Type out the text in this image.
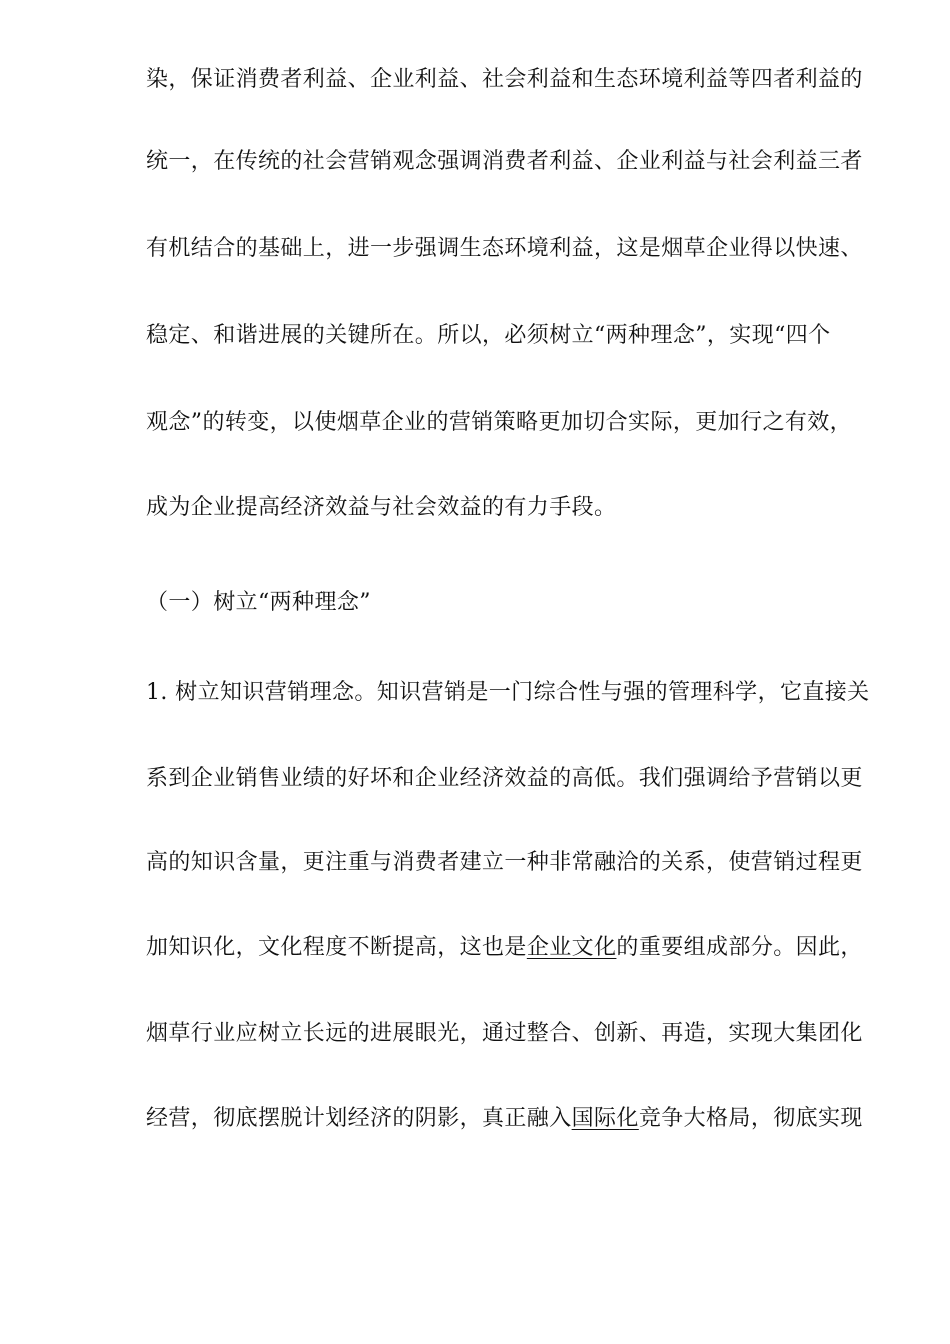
染，保证消费者利益、企业利益、社会利益和生态环境利益等四者利益的
统一，在传统的社会营销观念强调消费者利益、企业利益与社会利益三者
有机结合的基础上，进一步强调生态环境利益，这是烟草企业得以快速、
稳定、和谐进展的关键所在。所以，必须树立“两种理念”，实现“四个
观念”的转变，以使烟草企业的营销策略更加切合实际，更加行之有效，
成为企业提高经济效益与社会效益的有力手段。
（一）树立“两种理念”
1. 树立知识营销理念。知识营销是一门综合性与强的管理科学，它直接关
系到企业销售业绩的好坏和企业经济效益的高低。我们强调给予营销以更
高的知识含量，更注重与消费者建立一种非常融洽的关系，使营销过程更
加知识化，文化程度不断提高，这也是企业文化的重要组成部分。因此，
烟草行业应树立长远的进展眼光，通过整合、创新、再造，实现大集团化
经营，彻底摆脱计划经济的阴影，真正融入国际化竞争大格局，彻底实现
